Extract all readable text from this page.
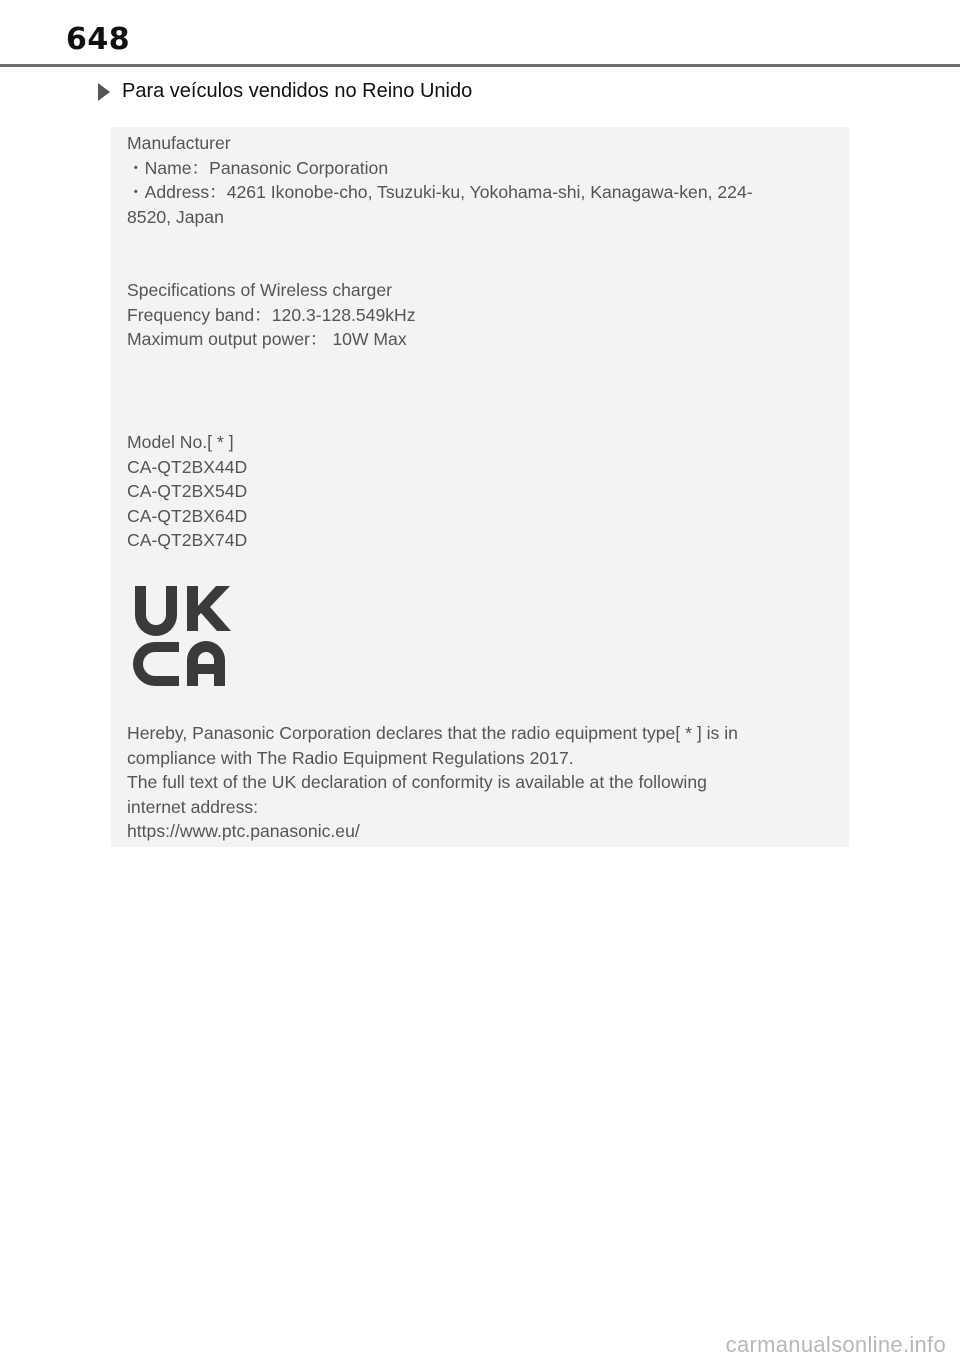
648
Para veículos vendidos no Reino Unido
Manufacturer
・Name：Panasonic Corporation
・Address：4261 Ikonobe-cho, Tsuzuki-ku, Yokohama-shi, Kanagawa-ken, 224-
8520, Japan
Specifications of Wireless charger
Frequency band：120.3-128.549kHz
Maximum output power： 10W Max
Model No.[ * ]
CA-QT2BX44D
CA-QT2BX54D
CA-QT2BX64D
CA-QT2BX74D
Hereby, Panasonic Corporation declares that the radio equipment type[ * ] is in
compliance with The Radio Equipment Regulations 2017.
The full text of the UK declaration of conformity is available at the following
internet address:
https://www.ptc.panasonic.eu/
carmanualsonline.info
